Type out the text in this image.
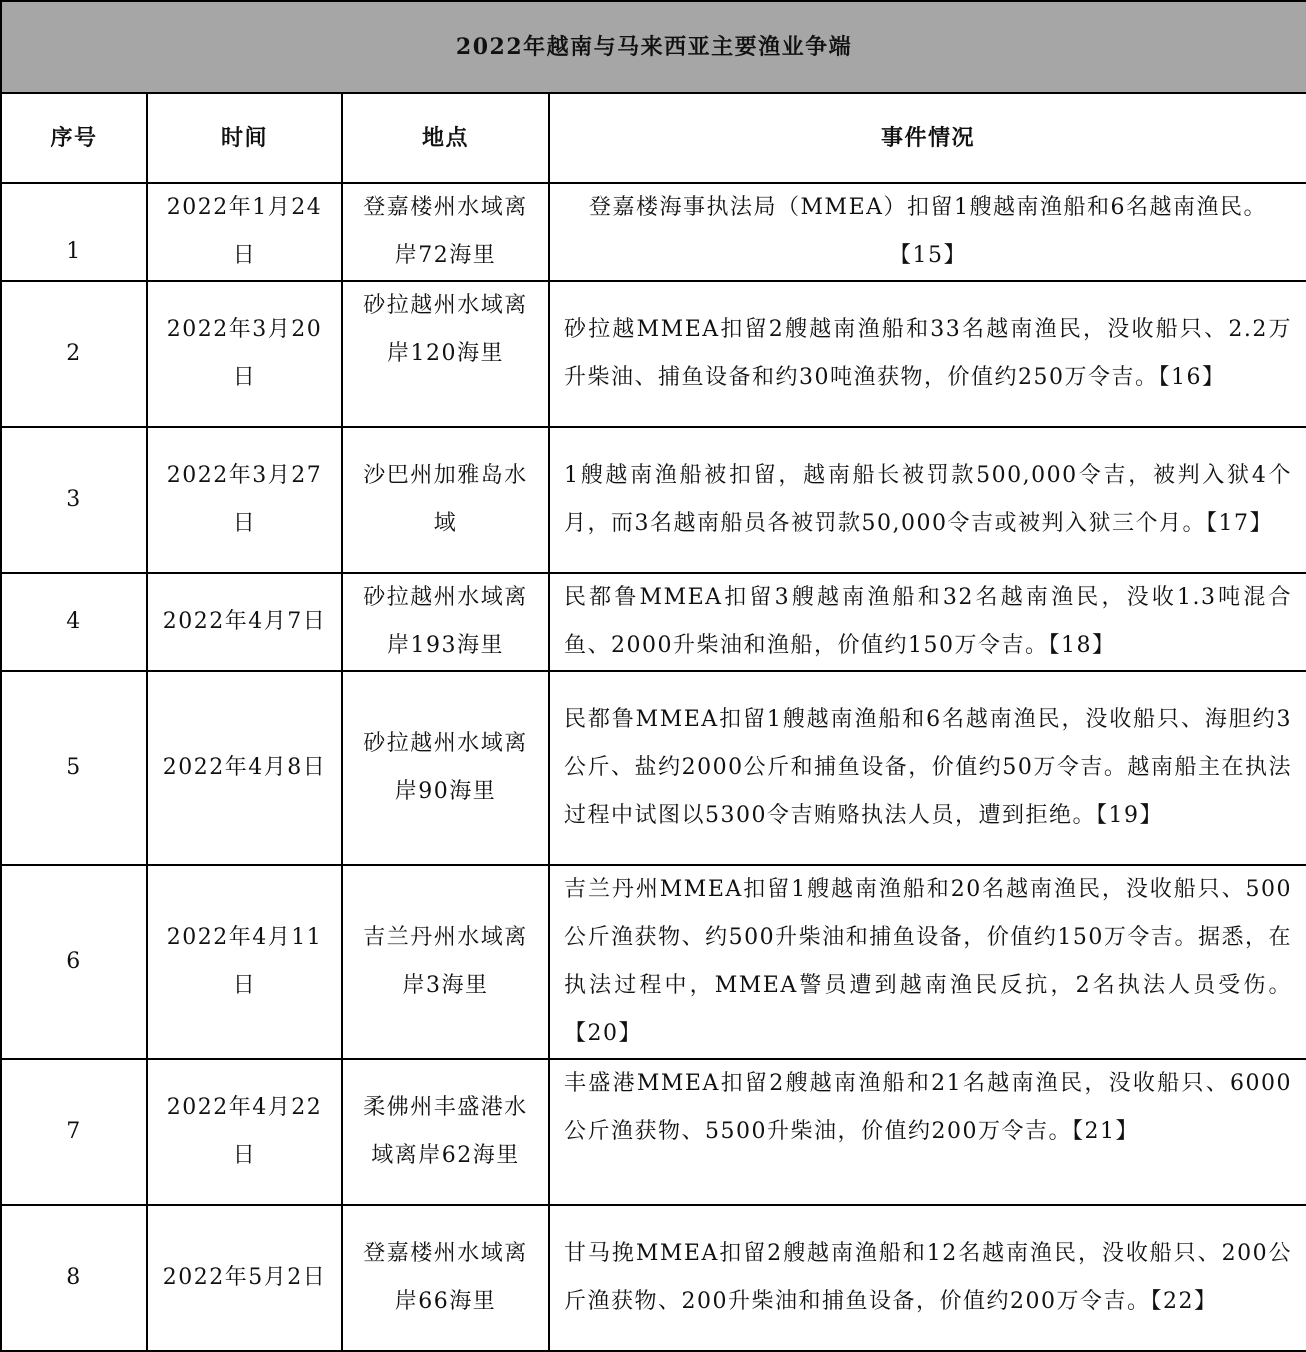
2022年越南与马来西亚主要渔业争端			
序号	时间	地点	事件情况
1	2022年1月24日	登嘉楼州水域离岸72海里	登嘉楼海事执法局（MMEA）扣留1艘越南渔船和6名越南渔民。【15】
2	2022年3月20日	砂拉越州水域离岸120海里	砂拉越MMEA扣留2艘越南渔船和33名越南渔民，没收船只、2.2万升柴油、捕鱼设备和约30吨渔获物，价值约250万令吉。【16】
3	2022年3月27日	沙巴州加雅岛水域	1艘越南渔船被扣留，越南船长被罚款500,000令吉，被判入狱4个月，而3名越南船员各被罚款50,000令吉或被判入狱三个月。【17】
4	2022年4月7日	砂拉越州水域离岸193海里	民都鲁MMEA扣留3艘越南渔船和32名越南渔民，没收1.3吨混合鱼、2000升柴油和渔船，价值约150万令吉。【18】
5	2022年4月8日	砂拉越州水域离岸90海里	民都鲁MMEA扣留1艘越南渔船和6名越南渔民，没收船只、海胆约3公斤、盐约2000公斤和捕鱼设备，价值约50万令吉。越南船主在执法过程中试图以5300令吉贿赂执法人员，遭到拒绝。【19】
6	2022年4月11日	吉兰丹州水域离岸3海里	吉兰丹州MMEA扣留1艘越南渔船和20名越南渔民，没收船只、500公斤渔获物、约500升柴油和捕鱼设备，价值约150万令吉。据悉，在执法过程中，MMEA警员遭到越南渔民反抗，2名执法人员受伤。【20】
7	2022年4月22日	柔佛州丰盛港水域离岸62海里	丰盛港MMEA扣留2艘越南渔船和21名越南渔民，没收船只、6000公斤渔获物、5500升柴油，价值约200万令吉。【21】
8	2022年5月2日	登嘉楼州水域离岸66海里	甘马挽MMEA扣留2艘越南渔船和12名越南渔民，没收船只、200公斤渔获物、200升柴油和捕鱼设备，价值约200万令吉。【22】
